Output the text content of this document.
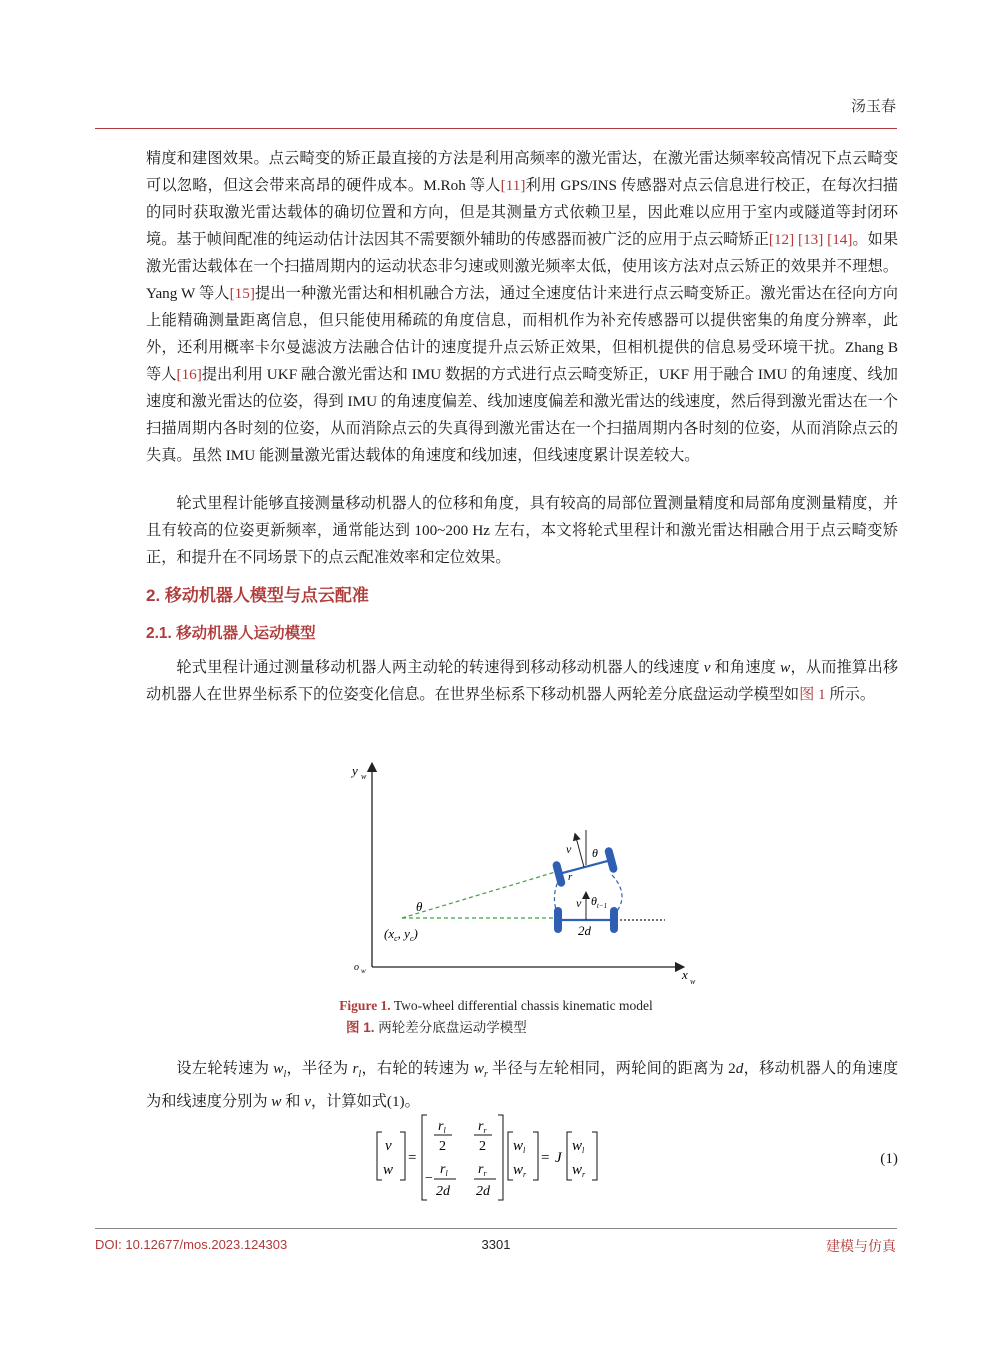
汤玉春

精度和建图效果。点云畸变的矫正最直接的方法是利用高频率的激光雷达，在激光雷达频率较高情况下点云畸变可以忽略，但这会带来高昂的硬件成本。M.Roh 等人[11]利用 GPS/INS 传感器对点云信息进行校正，在每次扫描的同时获取激光雷达载体的确切位置和方向，但是其测量方式依赖卫星，因此难以应用于室内或隧道等封闭环境。基于帧间配准的纯运动估计法因其不需要额外辅助的传感器而被广泛的应用于点云畸矫正[12] [13] [14]。如果激光雷达载体在一个扫描周期内的运动状态非匀速或则激光频率太低，使用该方法对点云矫正的效果并不理想。Yang W 等人[15]提出一种激光雷达和相机融合方法，通过全速度估计来进行点云畸变矫正。激光雷达在径向方向上能精确测量距离信息，但只能使用稀疏的角度信息，而相机作为补充传感器可以提供密集的角度分辨率，此外，还利用概率卡尔曼滤波方法融合估计的速度提升点云矫正效果，但相机提供的信息易受环境干扰。Zhang B 等人[16]提出利用 UKF 融合激光雷达和 IMU 数据的方式进行点云畸变矫正，UKF 用于融合 IMU 的角速度、线加速度和激光雷达的位姿，得到 IMU 的角速度偏差、线加速度偏差和激光雷达的线速度，然后得到激光雷达在一个扫描周期内各时刻的位姿，从而消除点云的失真得到激光雷达在一个扫描周期内各时刻的位姿，从而消除点云的失真。虽然 IMU 能测量激光雷达载体的角速度和线加速，但线速度累计误差较大。

轮式里程计能够直接测量移动机器人的位移和角度，具有较高的局部位置测量精度和局部角度测量精度，并且有较高的位姿更新频率，通常能达到 100~200 Hz 左右，本文将轮式里程计和激光雷达相融合用于点云畸变矫正，和提升在不同场景下的点云配准效率和定位效果。

2. 移动机器人模型与点云配准
2.1. 移动机器人运动模型

轮式里程计通过测量移动机器人两主动轮的转速得到移动移动机器人的线速度 v 和角速度 w，从而推算出移动机器人在世界坐标系下的位姿变化信息。在世界坐标系下移动机器人两轮差分底盘运动学模型如图 1 所示。

y w
x w
o w
θ
($x_c$, $y_c$)
v $\theta_{t-1}$
2d
v θ
r
Figure 1. Two-wheel differential chassis kinematic model
图 1. 两轮差分底盘运动学模型

设左轮转速为 $w_l$，半径为 $r_l$，右轮的转速为 $w_r$ 半径与左轮相同，两轮间的距离为 2d，移动机器人的角速度为和线速度分别为 w 和 v，计算如式(1)。

v
w
=
$r_l$
2
$r_r$
2
−
$r_l$
2d
$r_r$
2d
$w_l$
$w_r$
= J
$w_l$
$w_r$
(1)
DOI: 10.12677/mos.2023.124303	3301	建模与仿真
